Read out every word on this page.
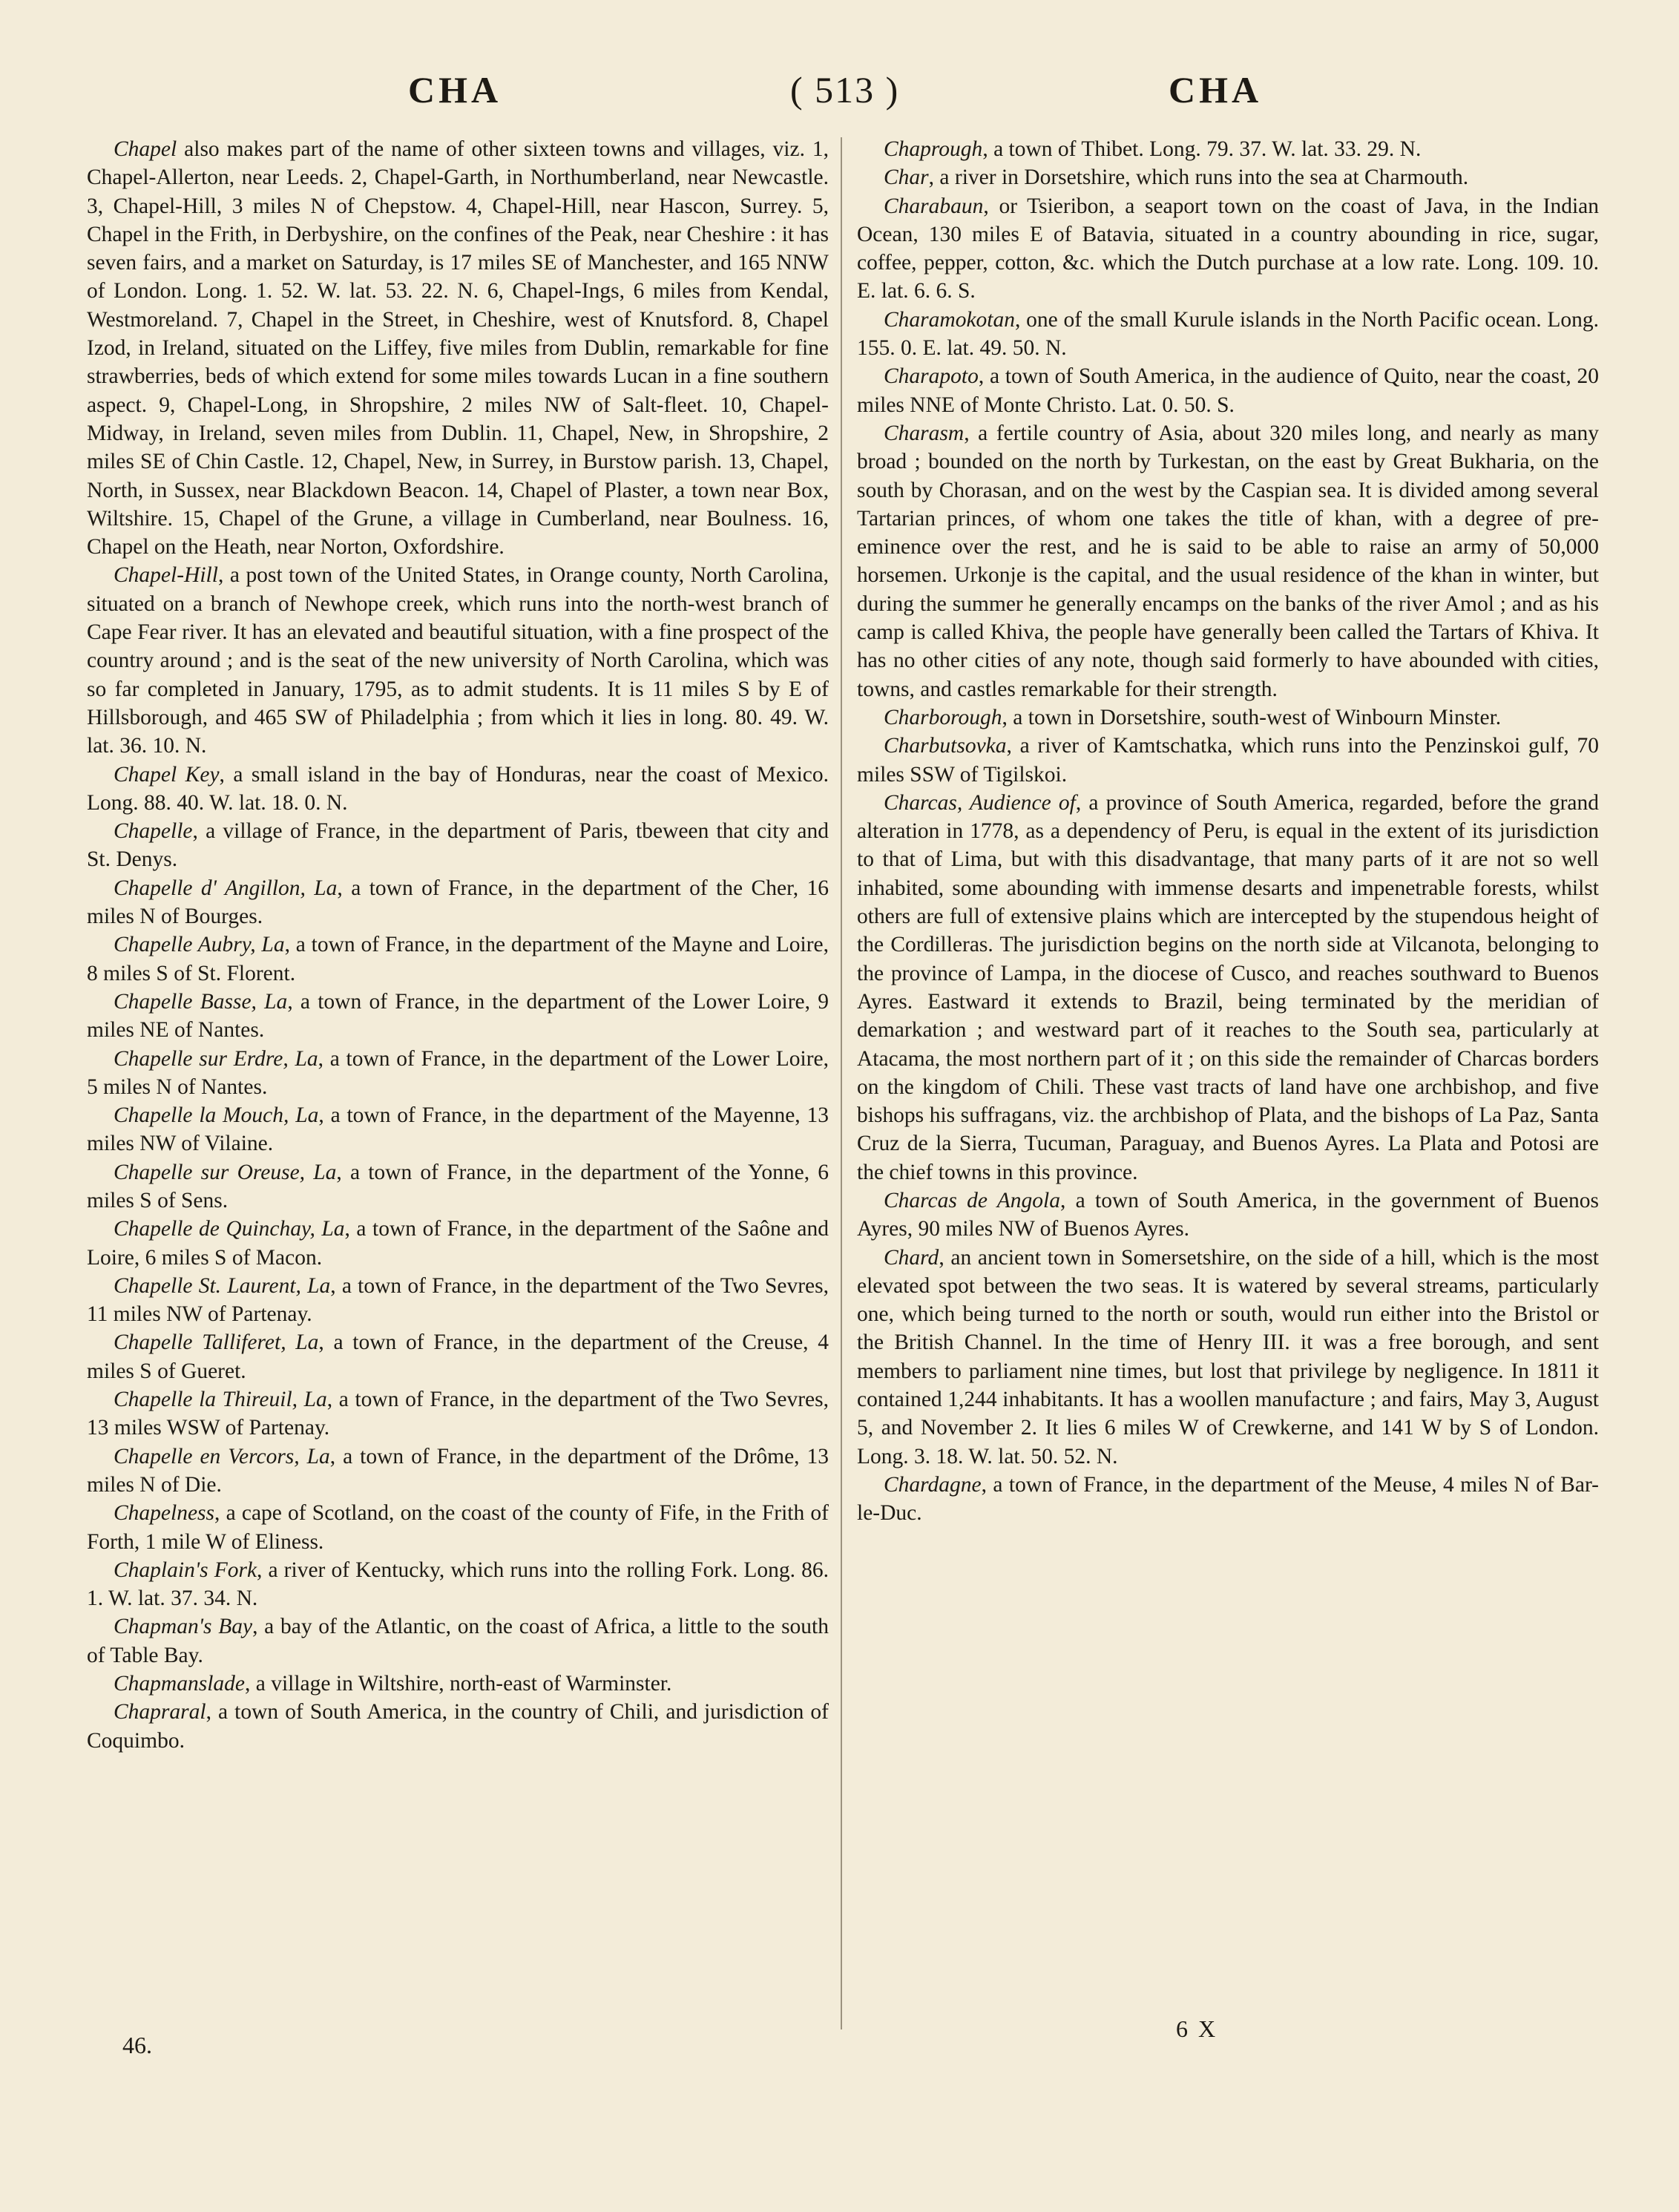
CHA	( 513 )	CHA

Chapel also makes part of the name of other sixteen towns and villages, viz. 1, Chapel-Allerton, near Leeds. 2, Chapel-Garth, in Northumberland, near Newcastle. 3, Chapel-Hill, 3 miles N of Chepstow. 4, Chapel-Hill, near Hascon, Surrey. 5, Chapel in the Frith, in Derbyshire, on the confines of the Peak, near Cheshire : it has seven fairs, and a market on Saturday, is 17 miles SE of Manchester, and 165 NNW of London. Long. 1. 52. W. lat. 53. 22. N. 6, Chapel-Ings, 6 miles from Kendal, Westmoreland. 7, Chapel in the Street, in Cheshire, west of Knutsford. 8, Chapel Izod, in Ireland, situated on the Liffey, five miles from Dublin, remarkable for fine strawberries, beds of which extend for some miles towards Lucan in a fine southern aspect. 9, Chapel-Long, in Shropshire, 2 miles NW of Salt-fleet. 10, Chapel-Midway, in Ireland, seven miles from Dublin. 11, Chapel, New, in Shropshire, 2 miles SE of Chin Castle. 12, Chapel, New, in Surrey, in Burstow parish. 13, Chapel, North, in Sussex, near Blackdown Beacon. 14, Chapel of Plaster, a town near Box, Wiltshire. 15, Chapel of the Grune, a village in Cumberland, near Boulness. 16, Chapel on the Heath, near Norton, Oxfordshire.

Chapel-Hill, a post town of the United States, in Orange county, North Carolina, situated on a branch of Newhope creek, which runs into the north-west branch of Cape Fear river. It has an elevated and beautiful situation, with a fine prospect of the country around ; and is the seat of the new university of North Carolina, which was so far completed in January, 1795, as to admit students. It is 11 miles S by E of Hillsborough, and 465 SW of Philadelphia ; from which it lies in long. 80. 49. W. lat. 36. 10. N.

Chapel Key, a small island in the bay of Honduras, near the coast of Mexico. Long. 88. 40. W. lat. 18. 0. N.

Chapelle, a village of France, in the department of Paris, tbeween that city and St. Denys.

Chapelle d' Angillon, La, a town of France, in the department of the Cher, 16 miles N of Bourges.

Chapelle Aubry, La, a town of France, in the department of the Mayne and Loire, 8 miles S of St. Florent.

Chapelle Basse, La, a town of France, in the department of the Lower Loire, 9 miles NE of Nantes.

Chapelle sur Erdre, La, a town of France, in the department of the Lower Loire, 5 miles N of Nantes.

Chapelle la Mouch, La, a town of France, in the department of the Mayenne, 13 miles NW of Vilaine.

Chapelle sur Oreuse, La, a town of France, in the department of the Yonne, 6 miles S of Sens.

Chapelle de Quinchay, La, a town of France, in the department of the Saône and Loire, 6 miles S of Macon.

Chapelle St. Laurent, La, a town of France, in the department of the Two Sevres, 11 miles NW of Partenay.

Chapelle Talliferet, La, a town of France, in the department of the Creuse, 4 miles S of Gueret.

Chapelle la Thireuil, La, a town of France, in the department of the Two Sevres, 13 miles WSW of Partenay.

Chapelle en Vercors, La, a town of France, in the department of the Drôme, 13 miles N of Die.

Chapelness, a cape of Scotland, on the coast of the county of Fife, in the Frith of Forth, 1 mile W of Eliness.

Chaplain's Fork, a river of Kentucky, which runs into the rolling Fork. Long. 86. 1. W. lat. 37. 34. N.

Chapman's Bay, a bay of the Atlantic, on the coast of Africa, a little to the south of Table Bay.

Chapmanslade, a village in Wiltshire, north-east of Warminster.

Chapraral, a town of South America, in the country of Chili, and jurisdiction of Coquimbo.

Chaprough, a town of Thibet. Long. 79. 37. W. lat. 33. 29. N.

Char, a river in Dorsetshire, which runs into the sea at Charmouth.

Charabaun, or Tsieribon, a seaport town on the coast of Java, in the Indian Ocean, 130 miles E of Batavia, situated in a country abounding in rice, sugar, coffee, pepper, cotton, &c. which the Dutch purchase at a low rate. Long. 109. 10. E. lat. 6. 6. S.

Charamokotan, one of the small Kurule islands in the North Pacific ocean. Long. 155. 0. E. lat. 49. 50. N.

Charapoto, a town of South America, in the audience of Quito, near the coast, 20 miles NNE of Monte Christo. Lat. 0. 50. S.

Charasm, a fertile country of Asia, about 320 miles long, and nearly as many broad ; bounded on the north by Turkestan, on the east by Great Bukharia, on the south by Chorasan, and on the west by the Caspian sea. It is divided among several Tartarian princes, of whom one takes the title of khan, with a degree of pre-eminence over the rest, and he is said to be able to raise an army of 50,000 horsemen. Urkonje is the capital, and the usual residence of the khan in winter, but during the summer he generally encamps on the banks of the river Amol ; and as his camp is called Khiva, the people have generally been called the Tartars of Khiva. It has no other cities of any note, though said formerly to have abounded with cities, towns, and castles remarkable for their strength.

Charborough, a town in Dorsetshire, south-west of Winbourn Minster.

Charbutsovka, a river of Kamtschatka, which runs into the Penzinskoi gulf, 70 miles SSW of Tigilskoi.

Charcas, Audience of, a province of South America, regarded, before the grand alteration in 1778, as a dependency of Peru, is equal in the extent of its jurisdiction to that of Lima, but with this disadvantage, that many parts of it are not so well inhabited, some abounding with immense desarts and impenetrable forests, whilst others are full of extensive plains which are intercepted by the stupendous height of the Cordilleras. The jurisdiction begins on the north side at Vilcanota, belonging to the province of Lampa, in the diocese of Cusco, and reaches southward to Buenos Ayres. Eastward it extends to Brazil, being terminated by the meridian of demarkation ; and westward part of it reaches to the South sea, particularly at Atacama, the most northern part of it ; on this side the remainder of Charcas borders on the kingdom of Chili. These vast tracts of land have one archbishop, and five bishops his suffragans, viz. the archbishop of Plata, and the bishops of La Paz, Santa Cruz de la Sierra, Tucuman, Paraguay, and Buenos Ayres. La Plata and Potosi are the chief towns in this province.

Charcas de Angola, a town of South America, in the government of Buenos Ayres, 90 miles NW of Buenos Ayres.

Chard, an ancient town in Somersetshire, on the side of a hill, which is the most elevated spot between the two seas. It is watered by several streams, particularly one, which being turned to the north or south, would run either into the Bristol or the British Channel. In the time of Henry III. it was a free borough, and sent members to parliament nine times, but lost that privilege by negligence. In 1811 it contained 1,244 inhabitants. It has a woollen manufacture ; and fairs, May 3, August 5, and November 2. It lies 6 miles W of Crewkerne, and 141 W by S of London. Long. 3. 18. W. lat. 50. 52. N.

Chardagne, a town of France, in the department of the Meuse, 4 miles N of Bar-le-Duc.

46.
6 X
